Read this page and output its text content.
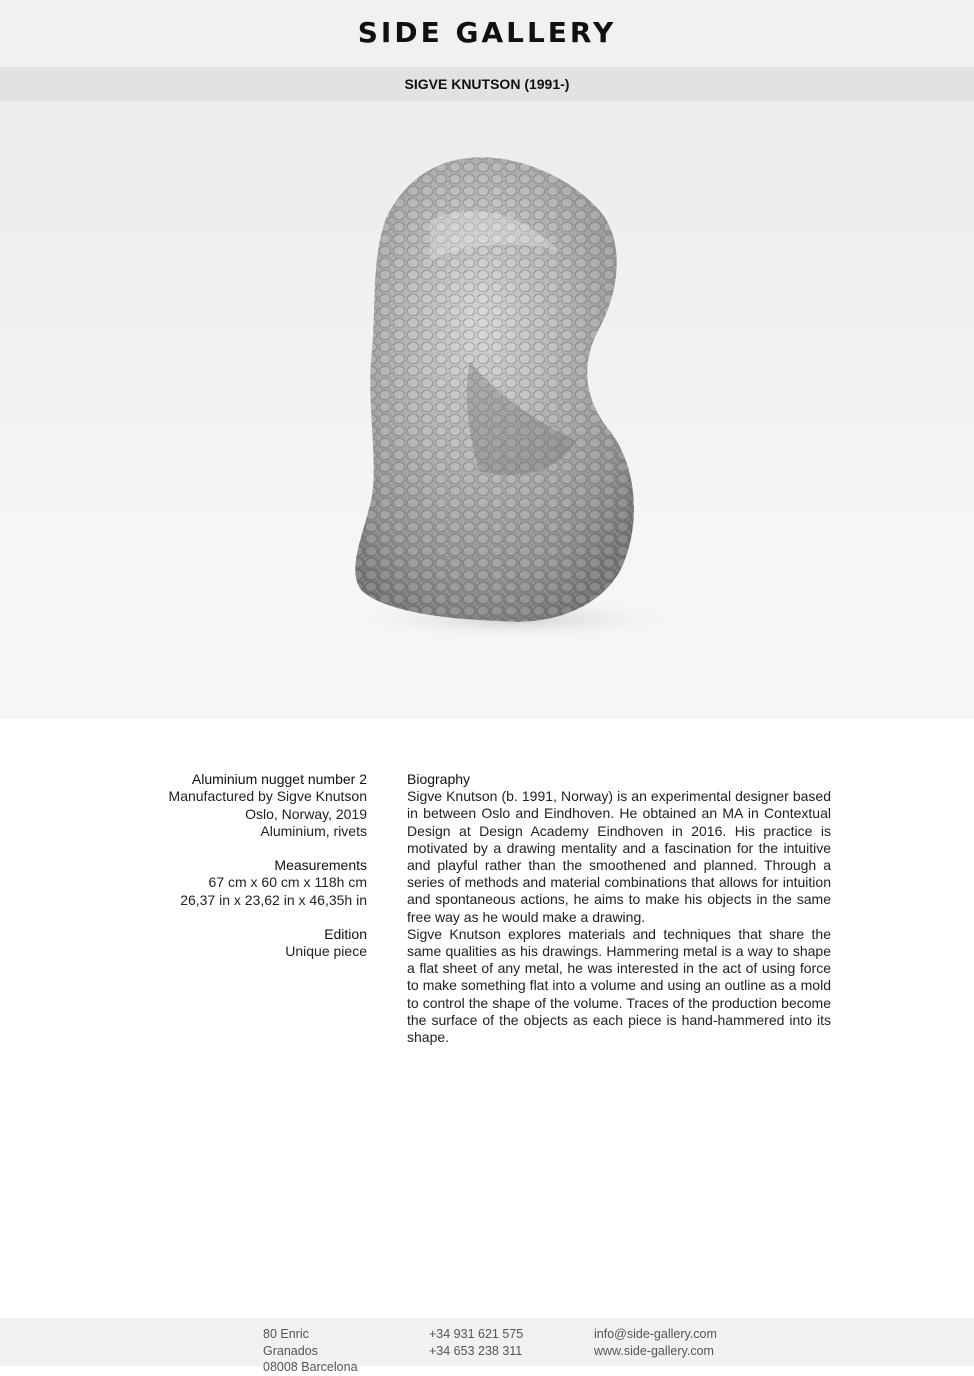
SIDE GALLERY
SIGVE KNUTSON (1991-)
Aluminium nugget number 2
Manufactured by Sigve Knutson
Oslo, Norway, 2019
Aluminium, rivets
Measurements
67 cm x 60 cm x 118h cm
26,37 in x 23,62 in x 46,35h in
Edition
Unique piece
Biography

Sigve Knutson (b. 1991, Norway) is an experimental designer based in between Oslo and Eindhoven. He obtained an MA in Contextual Design at Design Academy Eindhoven in 2016. His practice is motivated by a drawing mentality and a fascination for the intuitive and playful rather than the smoothened and planned. Through a series of methods and material combinations that allows for intuition and spontaneous actions, he aims to make his objects in the same free way as he would make a drawing.

Sigve Knutson explores materials and techniques that share the same qualities as his drawings. Hammering metal is a way to shape a flat sheet of any metal, he was interested in the act of using force to make something flat into a volume and using an outline as a mold to control the shape of the volume. Traces of the production become the surface of the objects as each piece is hand-hammered into its shape.

80 Enric Granados
08008 Barcelona
+34 931 621 575
+34 653 238 311
info@side-gallery.com
www.side-gallery.com
